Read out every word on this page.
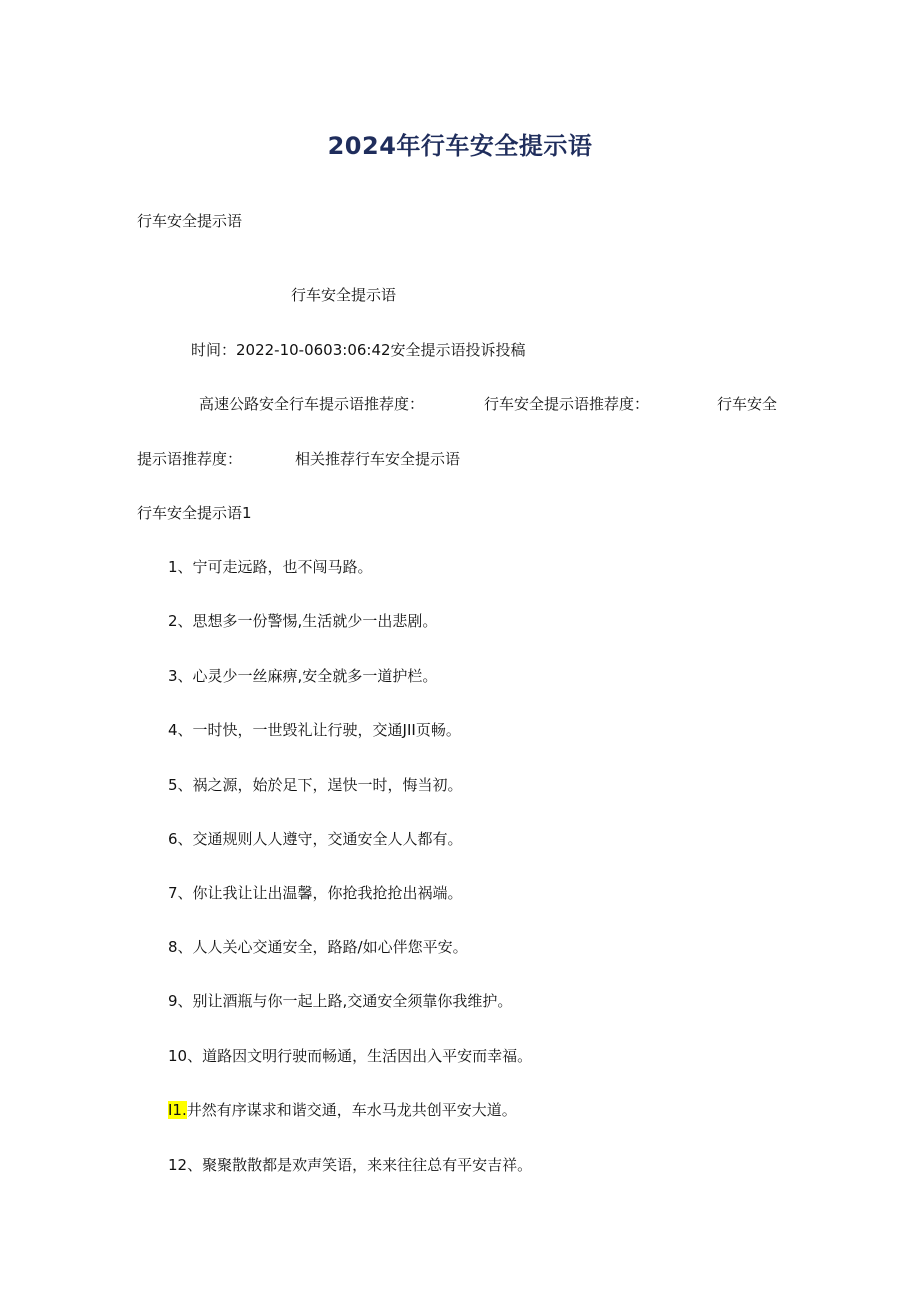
2024年行车安全提示语
行车安全提示语
行车安全提示语
时间：2022-10-0603:06:42安全提示语投诉投稿
高速公路安全行车提示语推荐度：	行车安全提示语推荐度：	行车安全
提示语推荐度：	相关推荐行车安全提示语
行车安全提示语1
1、宁可走远路，也不闯马路。
2、思想多一份警惕,生活就少一出悲剧。
3、心灵少一丝麻痹,安全就多一道护栏。
4、一时快，一世毁礼让行驶，交通JII页畅。
5、祸之源，始於足下，逞快一时，悔当初。
6、交通规则人人遵守，交通安全人人都有。
7、你让我让让出温馨，你抢我抢抢出祸端。
8、人人关心交通安全，路路/如心伴您平安。
9、别让酒瓶与你一起上路,交通安全须靠你我维护。
10、道路因文明行驶而畅通，生活因出入平安而幸福。
I1.井然有序谋求和谐交通，车水马龙共创平安大道。
12、聚聚散散都是欢声笑语，来来往往总有平安吉祥。
